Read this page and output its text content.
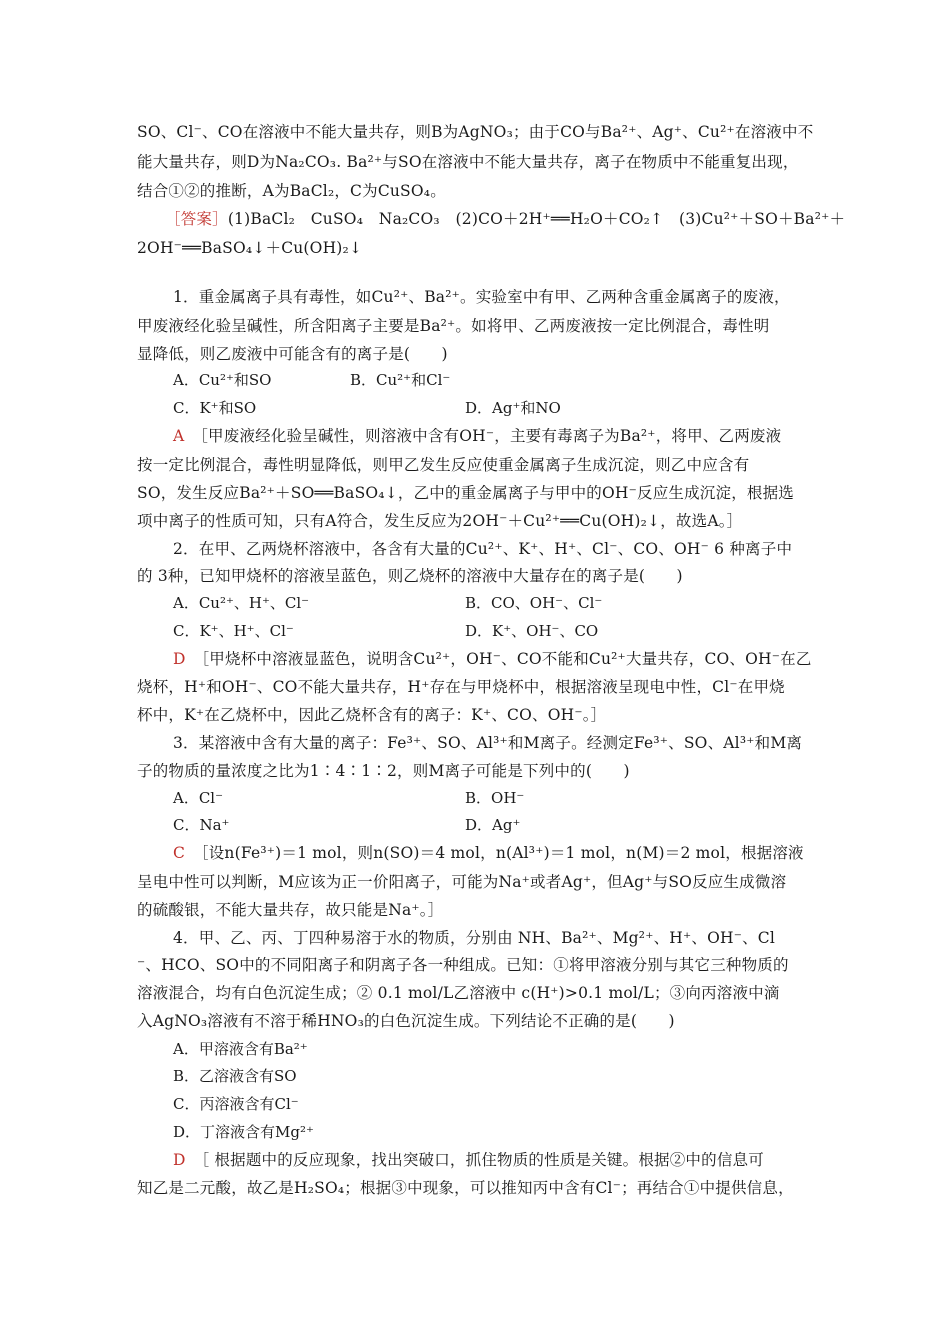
SO、Cl⁻、CO在溶液中不能大量共存，则B为AgNO₃；由于CO与Ba²⁺、Ag⁺、Cu²⁺在溶液中不
能大量共存，则D为Na₂CO₃. Ba²⁺与SO在溶液中不能大量共存，离子在物质中不能重复出现，
结合①②的推断，A为BaCl₂，C为CuSO₄。
［答案］(1)BaCl₂　CuSO₄　Na₂CO₃　(2)CO＋2H⁺══H₂O＋CO₂↑　(3)Cu²⁺＋SO＋Ba²⁺＋
2OH⁻══BaSO₄↓＋Cu(OH)₂↓
1．重金属离子具有毒性，如Cu²⁺、Ba²⁺。实验室中有甲、乙两种含重金属离子的废液，
甲废液经化验呈碱性，所含阳离子主要是Ba²⁺。如将甲、乙两废液按一定比例混合，毒性明
显降低，则乙废液中可能含有的离子是(　　)
A．Cu²⁺和SO	B．Cu²⁺和Cl⁻
C．K⁺和SO	D．Ag⁺和NO
A　 ［甲废液经化验呈碱性，则溶液中含有OH⁻，主要有毒离子为Ba²⁺，将甲、乙两废液
按一定比例混合，毒性明显降低，则甲乙发生反应使重金属离子生成沉淀，则乙中应含有
SO，发生反应Ba²⁺＋SO══BaSO₄↓，乙中的重金属离子与甲中的OH⁻反应生成沉淀，根据选
项中离子的性质可知，只有A符合，发生反应为2OH⁻＋Cu²⁺══Cu(OH)₂↓，故选A。］
2．在甲、乙两烧杯溶液中，各含有大量的Cu²⁺、K⁺、H⁺、Cl⁻、CO、OH⁻ 6 种离子中
的 3种，已知甲烧杯的溶液呈蓝色，则乙烧杯的溶液中大量存在的离子是(　　)
A．Cu²⁺、H⁺、Cl⁻	B．CO、OH⁻、Cl⁻
C．K⁺、H⁺、Cl⁻	D．K⁺、OH⁻、CO
D　 ［甲烧杯中溶液显蓝色，说明含Cu²⁺，OH⁻、CO不能和Cu²⁺大量共存，CO、OH⁻在乙
烧杯，H⁺和OH⁻、CO不能大量共存，H⁺存在与甲烧杯中，根据溶液呈现电中性，Cl⁻在甲烧
杯中，K⁺在乙烧杯中，因此乙烧杯含有的离子：K⁺、CO、OH⁻。］
3．某溶液中含有大量的离子：Fe³⁺、SO、Al³⁺和M离子。经测定Fe³⁺、SO、Al³⁺和M离
子的物质的量浓度之比为1∶4∶1∶2，则M离子可能是下列中的(　　)
A．Cl⁻	B．OH⁻
C．Na⁺	D．Ag⁺
C　 ［设n(Fe³⁺)＝1 mol，则n(SO)＝4 mol，n(Al³⁺)＝1 mol，n(M)＝2 mol，根据溶液
呈电中性可以判断，M应该为正一价阳离子，可能为Na⁺或者Ag⁺，但Ag⁺与SO反应生成微溶
的硫酸银，不能大量共存，故只能是Na⁺。］
4．甲、乙、丙、丁四种易溶于水的物质，分别由 NH、Ba²⁺、Mg²⁺、H⁺、OH⁻、Cl
⁻、HCO、SO中的不同阳离子和阴离子各一种组成。已知：①将甲溶液分别与其它三种物质的
溶液混合，均有白色沉淀生成；② 0.1 mol/L乙溶液中 c(H⁺)>0.1 mol/L；③向丙溶液中滴
入AgNO₃溶液有不溶于稀HNO₃的白色沉淀生成。下列结论不正确的是(　　)
A．甲溶液含有Ba²⁺
B．乙溶液含有SO
C．丙溶液含有Cl⁻
D．丁溶液含有Mg²⁺
D　 ［ 根据题中的反应现象，找出突破口，抓住物质的性质是关键。根据②中的信息可
知乙是二元酸，故乙是H₂SO₄；根据③中现象，可以推知丙中含有Cl⁻；再结合①中提供信息，
